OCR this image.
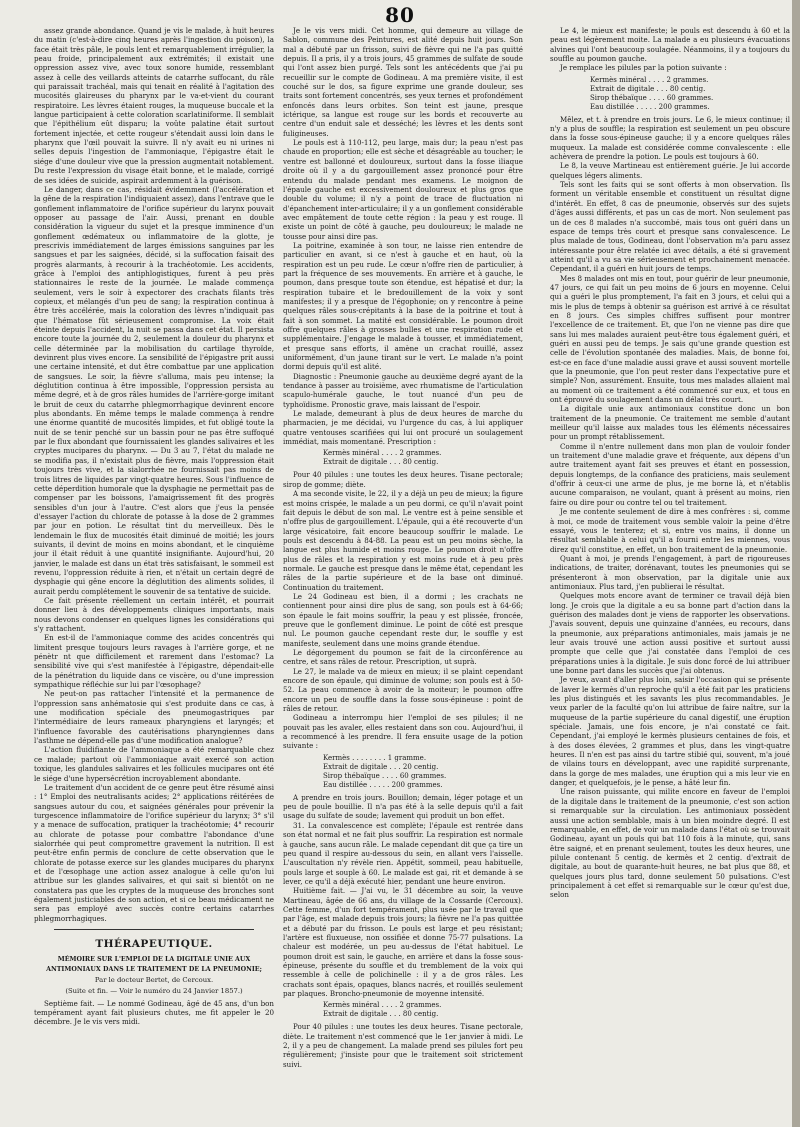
80

assez grande abondance. Quand je vis le malade, à huit heures du matin (c'est-à-dire cinq heures après l'ingestion du poison), la face était très pâle, le pouls lent et remarquablement irrégulier, la peau froide, principalement aux extrémités; il existait une oppression assez vive, avec toux sonore humide, ressemblant assez à celle des veillards atteints de catarrhe suffocant, du râle qui paraissait trachéal, mais qui tenait en réalité à l'agitation des mucosités glaireuses du pharynx par le va-et-vient du courant respiratoire. Les lèvres étaient rouges, la muqueuse buccale et la langue participaient à cette coloration scarlatiniforme. Il semblait que l'épithélium eût disparu; la voûte palatine était surtout fortement injectée, et cette rougeur s'étendait aussi loin dans le pharynx que l'œil pouvait la suivre. Il n'y avait eu ni urines ni selles depuis l'ingestion de l'ammoniaque, l'épigastre était le siége d'une douleur vive que la pression augmentait notablement. Du reste l'expression du visage était bonne, et le malade, corrigé de ses idées de suicide, aspirait ardemment à la guérison.

Le danger, dans ce cas, résidait évidemment (l'accélération et la gêne de la respiration l'indiquaient assez), dans l'entrave que le gonflement inflammatoire de l'orifice supérieur du larynx pouvait opposer au passage de l'air. Aussi, prenant en double considération la vigueur du sujet et la presque imminence d'un gonflement œdémateux ou inflammatoire de la glotte, je prescrivis immédiatement de larges émissions sanguines par les sangsues et par les saignées, décidé, si la suffocation faisait des progrès alarmants, à recourir à la trachéotomie. Les accidents, grâce à l'emploi des antiphlogistiques, furent à peu près stationnaires le reste de la journée. Le malade commença seulement, vers le soir à expectorer des crachats filants très copieux, et mélangés d'un peu de sang; la respiration continua à être très accélérée, mais la coloration des lèvres n'indiquait pas que l'hématose fût sérieusement compromise. La voix était éteinte depuis l'accident, la nuit se passa dans cet état. Il persista encore toute la journée du 2, seulement la douleur du pharynx et celle déterminée par la mobilisation du cartilage thyroïde, devinrent plus vives encore. La sensibilité de l'épigastre prit aussi une certaine intensité, et dut être combattue par une application de sangsues. Le soir, la fièvre s'alluma, mais peu intense; la déglutition continua à être impossible, l'oppression persista au même degré, et à de gros râles humides de l'arrière-gorge imitant le bruit de ceux du catarrhe phlegmorrhagique devinrent encore plus abondants. En même temps le malade commença à rendre une énorme quantité de mucosités limpides, et fut obligé toute la nuit de se tenir penché sur un bassin pour ne pas être suffoqué par le flux abondant que fournissaient les glandes salivaires et les cryptes mucipares du pharynx. — Du 3 au 7, l'état du malade ne se modifia pas, il n'existait plus de fièvre, mais l'oppression était toujours très vive, et la sialorrhée ne fournissait pas moins de trois litres de liquides par vingt-quatre heures. Sous l'influence de cette déperdition humorale que la dysphagie ne permettait pas de compenser par les boissons, l'amaigrissement fit des progrès sensibles d'un jour à l'autre. C'est alors que j'eus la pensée d'essayer l'action du chlorate de potasse à la dose de 2 grammes par jour en potion. Le résultat tint du merveilleux. Dès le lendemain le flux de mucosités était diminué de moitié; les jours suivants, il devint de moins en moins abondant, et le cinquième jour il était réduit à une quantité insignifiante. Aujourd'hui, 20 janvier, le malade est dans un état très satisfaisant, le sommeil est revenu, l'oppression réduite à rien, et n'était un certain degré de dysphagie qui gêne encore la déglutition des aliments solides, il aurait perdu complétement le souvenir de sa tentative de suicide.

Ce fait présente réellement un certain intérêt, et pourrait donner lieu à des développements cliniques importants, mais nous devons condenser en quelques lignes les considérations qui s'y rattachent.

En est-il de l'ammoniaque comme des acides concentrés qui limitent presque toujours leurs ravages à l'arrière gorge, et ne pénètr nt que difficilement et rarement dans l'estomac? La sensibilité vive qui s'est manifestée à l'épigastre, dépendait-elle de la pénétration du liquide dans ce viscère, ou d'une impression sympathique réfléchie sur lui par l'œsophage?

Ne peut-on pas rattacher l'intensité et la permanence de l'oppression sans anhématosie qui s'est produite dans ce cas, à une modification spéciale des pneumogastriques par l'intermédiaire de leurs rameaux pharyngiens et laryngés; et l'influence favorable des cautérisations pharyngiennes dans l'asthme ne dépend-elle pas d'une modification analogue?

L'action fluidifiante de l'ammoniaque a été remarquable chez ce malade; partout où l'ammoniaque avait exercé son action toxique, les glandules salivaires et les follicules mucipares ont été le siége d'une hypersécrétion incroyablement abondante.

Le traitement d'un accident de ce genre peut être résumé ainsi : 1° Emploi des neutralisants acides; 2° applications réitérées de sangsues autour du cou, et saignées générales pour prévenir la turgescence inflammatoire de l'orifice supérieur du larynx; 3° s'il y a menace de suffocation, pratiquer la trachéotomie; 4° recourir au chlorate de potasse pour combattre l'abondance d'une sialorrhée qui peut compromettre gravement la nutrition. Il est peut-être enfin permis de conclure de cette observation que le chlorate de potasse exerce sur les glandes mucipares du pharynx et de l'œsophage une action assez analogue à celle qu'on lui attribue sur les glandes salivaires, et qui sait si bientôt on ne constatera pas que les cryptes de la muqueuse des bronches sont également justiciables de son action, et si ce beau médicament ne sera pas employé avec succès contre certains catarrhes phlegmorrhagiques.

THÉRAPEUTIQUE.
MÉMOIRE SUR L'EMPLOI DE LA DIGITALE UNIE AUX ANTIMONIAUX DANS LE TRAITEMENT DE LA PNEUMONIE;
Par le docteur Bertet, de Cercoux.
(Suite et fin. — Voir le numéro du 24 Janvier 1857.)

Septième fait. — Le nommé Godineau, âgé de 45 ans, d'un bon tempérament ayant fait plusieurs chutes, me fit appeler le 20 décembre. Je le vis vers midi.

Je le vis vers midi. Cet homme, qui demeure au village de Sablon, commune des Peintures, est alité depuis huit jours. Son mal a débuté par un frisson, suivi de fièvre qui ne l'a pas quitté depuis. Il a pris, il y a trois jours, 45 grammes de sulfate de soude qui l'ont assez bien purgé. Tels sont les antécédents que j'ai pu recueillir sur le compte de Godineau. A ma première visite, il est couché sur le dos, sa figure exprime une grande douleur, ses traits sont fortement concentrés, ses yeux ternes et profondément enfoncés dans leurs orbites. Son teint est jaune, presque ictérique, sa langue est rouge sur les bords et recouverte au centre d'un enduit sale et desséché; les lèvres et les dents sont fuligineuses.

Le pouls est à 110-112, peu large, mais dur; la peau n'est pas chaude en proportion; elle est sèche et désagréable au toucher; le ventre est ballonné et douloureux, surtout dans la fosse iliaque droite où il y a du gargouillement assez prononcé pour être entendu du malade pendant mes examens. Le moignon de l'épaule gauche est excessivement douloureux et plus gros que double du volume; il n'y a point de trace de fluctuation ni d'épanchement inter-articulaire; il y a un gonflement considérable avec empâtement de toute cette région : la peau y est rouge. Il existe un point de côté à gauche, peu douloureux; le malade ne tousse pour ainsi dire pas.

La poitrine, examinée à son tour, ne laisse rien entendre de particulier en avant, si ce n'est à gauche et en haut, où la respiration est un peu rude. Le cœur n'offre rien de particulier, à part la fréquence de ses mouvements. En arrière et à gauche, le poumon, dans presque toute son étendue, est hépatisé et dur; la respiration tubaire et le bredouillement de la voix y sont manifestes; il y a presque de l'égophonie; on y rencontre à peine quelques râles sous-crépitants à la base de la poitrine et tout à fait à son sommet. La matité est considérable. Le poumon droit offre quelques râles à grosses bulles et une respiration rude et supplémentaire. J'engage le malade à tousser, et immédiatement, et presque sans efforts, il amène un crachat rouillé, assez uniformément, d'un jaune tirant sur le vert. Le malade n'a point dormi depuis qu'il est alité.

Diagnostic : Pneumonie gauche au deuxième degré ayant de la tendance à passer au troisième, avec rhumatisme de l'articulation scapulo-humérale gauche, le tout nuancé d'un peu de typhoïdisme. Pronostic grave, mais laissant de l'espoir.

Le malade, demeurant à plus de deux heures de marche du pharmacien, je me décidai, vu l'urgence du cas, à lui appliquer quatre ventouses scarifiées qui lui ont procuré un soulagement immédiat, mais momentané. Prescription :

Kermès minéral . . . . 2 grammes.
Extrait de digitale . . . 80 centig.

Pour 40 pilules : une toutes les deux heures. Tisane pectorale; sirop de gomme; diète.

A ma seconde visite, le 22, il y a déjà un peu de mieux; la figure est moins crispée, le malade a un peu dormi, ce qu'il n'avait point fait depuis le début de son mal. Le ventre est à peine sensible et n'offre plus de gargouillement. L'épaule, qui a été recouverte d'un large vésicatoire, fait encore beaucoup souffrir le malade. Le pouls est descendu à 84-88. La peau est un peu moins sèche, la langue est plus humide et moins rouge. Le poumon droit n'offre plus de râles et la respiration y est moins rude et à peu près normale. Le gauche est presque dans le même état, cependant les râles de la partie supérieure et de la base ont diminué. Continuation du traitement.

Le 24 Godineau est bien, il a dormi ; les crachats ne contiennent pour ainsi dire plus de sang, son pouls est à 64-66; son épaule le fait moins souffrir, la peau y est plissée, froncée, preuve que le gonflement diminue. Le point de côté est presque nul. Le poumon gauche cependant reste dur, le souffle y est manifeste, seulement dans une moins grande étendue.

Le dégorgement du poumon se fait de la circonférence au centre, et sans râles de retour. Prescription, ut suprà.

Le 27, le malade va de mieux en mieux; il se plaint cependant encore de son épaule, qui diminue de volume; son pouls est à 50-52. La peau commence à avoir de la moiteur; le poumon offre encore un peu de souffle dans la fosse sous-épineuse : point de râles de retour.

Godineau a interrompu hier l'emploi de ses pilules; il ne pouvait pas les avaler, elles restaient dans son cou. Aujourd'hui, il a recommencé à les prendre. Il fera ensuite usage de la potion suivante :

Kermès . . . . . . . . 1 gramme.
Extrait de digitale . . . 20 centig.
Sirop thébaïque . . . . 60 grammes.
Eau distillée . . . . . 200 grammes.

A prendre en trois jours. Bouillon; demain, léger potage et un peu de poule bouillie. Il n'a pas été à la selle depuis qu'il a fait usage du sulfate de soude; lavement qui produit un bon effet.

31. La convalescence est complète; l'épaule est rentrée dans son état normal et ne fait plus souffrir. La respiration est normale à gauche, sans aucun râle. Le malade cependant dit que ça tire un peu quand il respire au-dessous du sein, en allant vers l'aisselle. L'auscultation n'y révèle rien. Appétit, sommeil, peau habituelle, pouls large et souple à 60. Le malade est gai, rit et demande à se lever, ce qu'il a déjà exécuté hier, pendant une heure environ.

Huitième fait. — J'ai vu, le 31 décembre au soir, la veuve Martineau, âgée de 66 ans, du village de la Cossarde (Cercoux). Cette femme, d'un fort tempérament, plus usée par le travail que par l'âge, est malade depuis trois jours; la fièvre ne l'a pas quittée et a débuté par du frisson. Le pouls est large et peu résistant; l'artère est fluxueuse, non ossifiée et donne 75-77 pulsations. La chaleur est modérée, un peu au-dessus de l'état habituel. Le poumon droit est sain, le gauche, en arrière et dans la fosse sous-épineuse, présente du souffle et du tremblement de la voix qui ressemble à celle de polichinelle : il y a de gros râles. Les crachats sont épais, opaques, blancs nacrés, et rouillés seulement par plaques. Broncho-pneumonie de moyenne intensité.

Kermès minéral . . . . 2 grammes.
Extrait de digitale . . . 80 centig.

Pour 40 pilules : une toutes les deux heures. Tisane pectorale, diète. Le traitement n'est commencé que le 1er janvier à midi. Le 2, il y a peu de changement. La malade prend ses pilules fort peu régulièrement; j'insiste pour que le traitement soit strictement suivi.

Le 4, le mieux est manifeste; le pouls est descendu à 60 et la peau est légèrement moite. La malade a eu plusieurs évacuations alvines qui l'ont beaucoup soulagée. Néanmoins, il y a toujours du souffle au poumon gauche.

Je remplace les pilules par la potion suivante :

Kermès minéral . . . . 2 grammes.
Extrait de digitale . . . 80 centig.
Sirop thébaïque . . . . 60 grammes.
Eau distillée . . . . . 200 grammes.

Mêlez, et t. à prendre en trois jours. Le 6, le mieux continue; il n'y a plus de souffle; la respiration est seulement un peu obscure dans la fosse sous-épineuse gauche; il y a encore quelques râles muqueux. La malade est considérée comme convalescente : elle achèvera de prendre la potion. Le pouls est toujours à 60.

Le 8, la veuve Martineau est entièrement guérie. Je lui accorde quelques légers aliments.

Tels sont les faits qui se sont offerts à mon observation. Ils forment un véritable ensemble et constituent un résultat digne d'intérêt. En effet, 8 cas de pneumonie, observés sur des sujets d'âges aussi différents, et pas un cas de mort. Non seulement pas un de ces 8 malades n'a succombé, mais tous ont guéri dans un espace de temps très court et presque sans convalescence. Le plus malade de tous, Godineau, dont l'observation m'a paru assez intéressante pour être relatée ici avec détails, a été si gravement atteint qu'il a vu sa vie sérieusement et prochainement menacée. Cependant, il a guéri en huit jours de temps.

Mes 8 malades ont mis en tout, pour guérir de leur pneumonie, 47 jours, ce qui fait un peu moins de 6 jours en moyenne. Celui qui a guéri le plus promptement, l'a fait en 3 jours, et celui qui a mis le plus de temps à obtenir sa guérison est arrivé à ce résultat en 8 jours. Ces simples chiffres suffisent pour montrer l'excellence de ce traitement. Et, que l'on ne vienne pas dire que sans lui mes malades auraient peut-être tous également guéri, et guéri en aussi peu de temps. Je sais qu'une grande question est celle de l'évolution spontanée des maladies. Mais, de bonne foi, est-ce en face d'une maladie aussi grave et aussi souvent mortelle que la pneumonie, que l'on peut rester dans l'expectative pure et simple? Non, assurément. Ensuite, tous mes malades allaient mal au moment où ce traitement a été commencé sur eux, et tous en ont éprouvé du soulagement dans un délai très court.

La digitale unie aux antimoniaux constitue donc un bon traitement de la pneumonie. Ce traitement me semble d'autant meilleur qu'il laisse aux malades tous les éléments nécessaires pour un prompt rétablissement.

Comme il n'entre nullement dans mon plan de vouloir fonder un traitement d'une maladie grave et fréquente, aux dépens d'un autre traitement ayant fait ses preuves et étant en possession, depuis longtemps, de la confiance des praticiens, mais seulement d'offrir à ceux-ci une arme de plus, je me borne là, et n'établis aucune comparaison, ne voulant, quant à présent au moins, rien faire ou dire pour ou contre tel ou tel traitement.

Je me contente seulement de dire à mes confrères : si, comme à moi, ce mode de traitement vous semble valoir la peine d'être essayé, vous le tenterez; et si, entre vos mains, il donne un résultat semblable à celui qu'il a fourni entre les miennes, vous direz qu'il constitue, en effet, un bon traitement de la pneumonie.

Quant à moi, je prends l'engagement, à part de rigoureuses indications, de traiter, dorénavant, toutes les pneumonies qui se présenteront à mon observation, par la digitale unie aux antimoniaux. Plus tard, j'en publierai le résultat.

Quelques mots encore avant de terminer ce travail déjà bien long. Je crois que la digitale a eu sa bonne part d'action dans la guérison des malades dont je viens de rapporter les observations. J'avais souvent, depuis une quinzaine d'années, eu recours, dans la pneumonie, aux préparations antimoniales, mais jamais je ne leur avais trouvé une action aussi positive et surtout aussi prompte que celle que j'ai constatée dans l'emploi de ces préparations unies à la digitale. Je suis donc forcé de lui attribuer une bonne part dans les succès que j'ai obtenus.

Je veux, avant d'aller plus loin, saisir l'occasion qui se présente de laver le kermès d'un reproche qu'il a été fait par les praticiens les plus distingués et les savants les plus recommandables. Je veux parler de la faculté qu'on lui attribue de faire naître, sur la muqueuse de la partie supérieure du canal digestif, une éruption spéciale. Jamais, une fois encore, je n'ai constaté ce fait. Cependant, j'ai employé le kermès plusieurs centaines de fois, et à des doses élevées, 2 grammes et plus, dans les vingt-quatre heures. Il n'en est pas ainsi du tartre stibié qui, souvent, m'a joué de vilains tours en développant, avec une rapidité surprenante, dans la gorge de mes malades, une éruption qui a mis leur vie en danger, et quelquefois, je le pense, a hâté leur fin.

Une raison puissante, qui milite encore en faveur de l'emploi de la digitale dans le traitement de la pneumonie, c'est son action si remarquable sur la circulation. Les antimoniaux possèdent aussi une action semblable, mais à un bien moindre degré. Il est remarquable, en effet, de voir un malade dans l'état où se trouvait Godineau, ayant un pouls qui bat 110 fois à la minute, qui, sans être saigné, et en prenant seulement, toutes les deux heures, une pilule contenant 5 centig. de kermès et 2 centig. d'extrait de digitale, au bout de quarante-huit heures, ne bat plus que 88, et quelques jours plus tard, donne seulement 50 pulsations. C'est principalement à cet effet si remarquable sur le cœur qu'est due, selon
